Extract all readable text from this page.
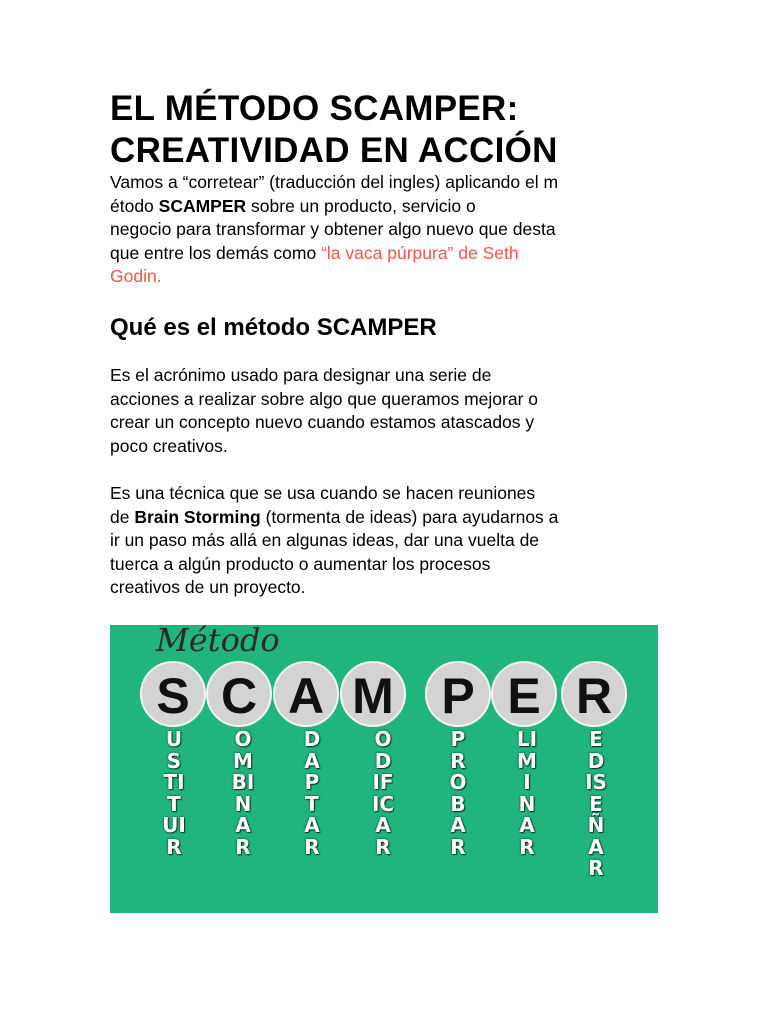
EL MÉTODO SCAMPER:
CREATIVIDAD EN ACCIÓN
Vamos a “corretear” (traducción del ingles) aplicando el m
étodo SCAMPER sobre un producto, servicio o
negocio para transformar y obtener algo nuevo que desta
que entre los demás como “la vaca púrpura” de Seth
Godin.
Qué es el método SCAMPER
Es el acrónimo usado para designar una serie de
acciones a realizar sobre algo que queramos mejorar o
crear un concepto nuevo cuando estamos atascados y
poco creativos.
Es una técnica que se usa cuando se hacen reuniones
de Brain Storming (tormenta de ideas) para ayudarnos a
ir un paso más allá en algunas ideas, dar una vuelta de
tuerca a algún producto o aumentar los procesos
creativos de un proyecto.
Método
S C A M P E R
USTITUIR
OMBINAR
DAPTAR
ODIFICAR
PROBAR
LIMINAR
EDISEÑAR
